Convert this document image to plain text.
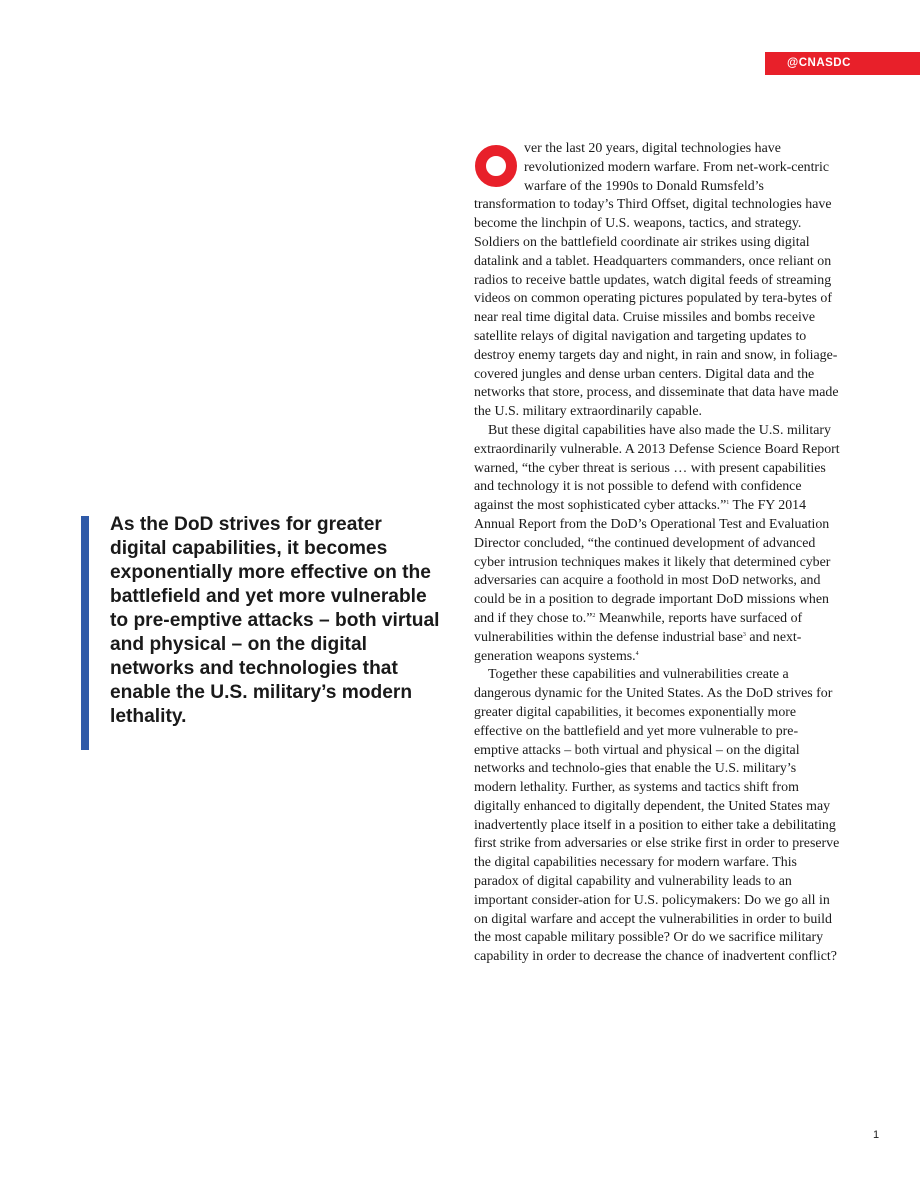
@CNASDC

As the DoD strives for greater digital capabilities, it becomes exponentially more effective on the battlefield and yet more vulnerable to pre-emptive attacks – both virtual and physical – on the digital networks and technologies that enable the U.S. military’s modern lethality.

ver the last 20 years, digital technologies have revolutionized modern warfare. From net-work-centric warfare of the 1990s to Donald Rumsfeld’s transformation to today’s Third Offset, digital technologies have become the linchpin of U.S. weapons, tactics, and strategy. Soldiers on the battlefield coordinate air strikes using digital datalink and a tablet. Headquarters commanders, once reliant on radios to receive battle updates, watch digital feeds of streaming videos on common operating pictures populated by tera-bytes of near real time digital data. Cruise missiles and bombs receive satellite relays of digital navigation and targeting updates to destroy enemy targets day and night, in rain and snow, in foliage-covered jungles and dense urban centers. Digital data and the networks that store, process, and disseminate that data have made the U.S. military extraordinarily capable.

But these digital capabilities have also made the U.S. military extraordinarily vulnerable. A 2013 Defense Science Board Report warned, “the cyber threat is serious … with present capabilities and technology it is not possible to defend with confidence against the most sophisticated cyber attacks.”$^1$ The FY 2014 Annual Report from the DoD’s Operational Test and Evaluation Director concluded, “the continued development of advanced cyber intrusion techniques makes it likely that determined cyber adversaries can acquire a foothold in most DoD networks, and could be in a position to degrade important DoD missions when and if they chose to.”$^2$ Meanwhile, reports have surfaced of vulnerabilities within the defense industrial base$^3$ and next-generation weapons systems.$^4$

Together these capabilities and vulnerabilities create a dangerous dynamic for the United States. As the DoD strives for greater digital capabilities, it becomes exponentially more effective on the battlefield and yet more vulnerable to pre-emptive attacks – both virtual and physical – on the digital networks and technolo-gies that enable the U.S. military’s modern lethality. Further, as systems and tactics shift from digitally enhanced to digitally dependent, the United States may inadvertently place itself in a position to either take a debilitating first strike from adversaries or else strike first in order to preserve the digital capabilities necessary for modern warfare. This paradox of digital capability and vulnerability leads to an important consider-ation for U.S. policymakers: Do we go all in on digital warfare and accept the vulnerabilities in order to build the most capable military possible? Or do we sacrifice military capability in order to decrease the chance of inadvertent conflict?

1
